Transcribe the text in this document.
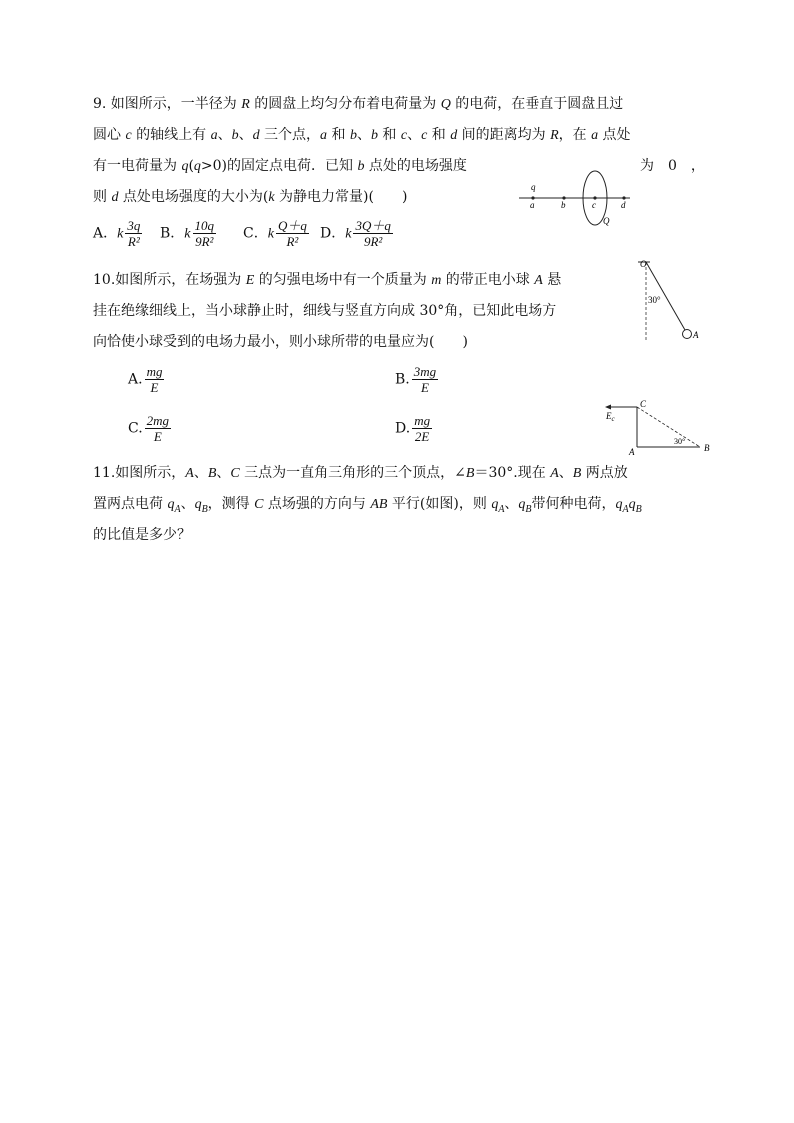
9. 如图所示，一半径为 R 的圆盘上均匀分布着电荷量为 Q 的电荷，在垂直于圆盘且过
圆心 c 的轴线上有 a、b、d 三个点，a 和 b、b 和 c、c 和 d 间的距离均为 R，在 a 点处
有一电荷量为 q(q>0)的固定点电荷．已知 b 点处的电场强度	为　0　，
则 d 点处电场强度的大小为(k 为静电力常量)(　　)
A．k $\frac{3q}{\text{R²}}$ B．k $\frac{10q}{\text{9R²}}$ C．k $\frac{Q+q}{\text{R²}}$ D．k $\frac{3Q+q}{\text{9R²}}$
q
a	b	c	d
Q
10.如图所示，在场强为 E 的匀强电场中有一个质量为 m 的带正电小球 A 悬
挂在绝缘细线上，当小球静止时，细线与竖直方向成 30°角，已知此电场方
向恰使小球受到的电场力最小，则小球所带的电量应为(　　)
A. $\frac{mg}{E}$	B. $\frac{3mg}{E}$
C. $\frac{2mg}{E}$	D. $\frac{mg}{2E}$
O
30°
A
C
$E_c$
A
30°
B
11.如图所示，A、B、C 三点为一直角三角形的三个顶点，∠B＝30°.现在 A、B 两点放
置两点电荷 $q_A$、$q_B$，测得 C 点场强的方向与 AB 平行(如图)，则 $q_A$、$q_B$带何种电荷，$q_Aq_B$
的比值是多少？
